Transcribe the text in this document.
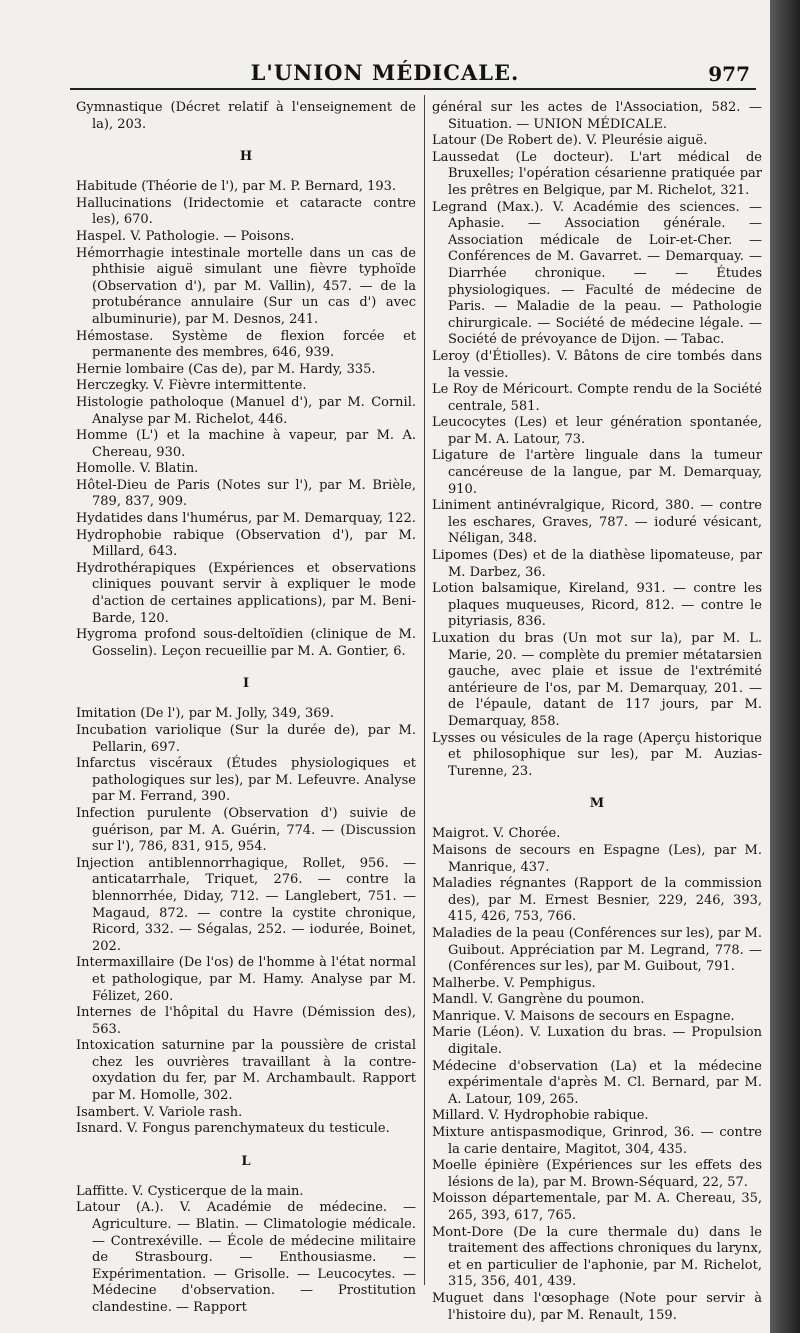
L'UNION MÉDICALE.	977

Gymnastique (Décret relatif à l'enseignement de la), 203.

H

Habitude (Théorie de l'), par M. P. Bernard, 193.

Hallucinations (Iridectomie et cataracte contre les), 670.

Haspel. V. Pathologie. — Poisons.

Hémorrhagie intestinale mortelle dans un cas de phthisie aiguë simulant une fièvre typhoïde (Observation d'), par M. Vallin), 457. — de la protubérance annulaire (Sur un cas d') avec albuminurie), par M. Desnos, 241.

Hémostase. Système de flexion forcée et permanente des membres, 646, 939.

Hernie lombaire (Cas de), par M. Hardy, 335.

Herczegky. V. Fièvre intermittente.

Histologie patholoque (Manuel d'), par M. Cornil. Analyse par M. Richelot, 446.

Homme (L') et la machine à vapeur, par M. A. Chereau, 930.

Homolle. V. Blatin.

Hôtel-Dieu de Paris (Notes sur l'), par M. Brièle, 789, 837, 909.

Hydatides dans l'humérus, par M. Demarquay, 122.

Hydrophobie rabique (Observation d'), par M. Millard, 643.

Hydrothérapiques (Expériences et observations cliniques pouvant servir à expliquer le mode d'action de certaines applications), par M. Beni-Barde, 120.

Hygroma profond sous-deltoïdien (clinique de M. Gosselin). Leçon recueillie par M. A. Gontier, 6.

I

Imitation (De l'), par M. Jolly, 349, 369.

Incubation variolique (Sur la durée de), par M. Pellarin, 697.

Infarctus viscéraux (Études physiologiques et pathologiques sur les), par M. Lefeuvre. Analyse par M. Ferrand, 390.

Infection purulente (Observation d') suivie de guérison, par M. A. Guérin, 774. — (Discussion sur l'), 786, 831, 915, 954.

Injection antiblennorrhagique, Rollet, 956. — anticatarrhale, Triquet, 276. — contre la blennorrhée, Diday, 712. — Langlebert, 751. — Magaud, 872. — contre la cystite chronique, Ricord, 332. — Ségalas, 252. — iodurée, Boinet, 202.

Intermaxillaire (De l'os) de l'homme à l'état normal et pathologique, par M. Hamy. Analyse par M. Félizet, 260.

Internes de l'hôpital du Havre (Démission des), 563.

Intoxication saturnine par la poussière de cristal chez les ouvrières travaillant à la contre-oxydation du fer, par M. Archambault. Rapport par M. Homolle, 302.

Isambert. V. Variole rash.

Isnard. V. Fongus parenchymateux du testicule.

L

Laffitte. V. Cysticerque de la main.

Latour (A.). V. Académie de médecine. — Agriculture. — Blatin. — Climatologie médicale. — Contrexéville. — École de médecine militaire de Strasbourg. — Enthousiasme. — Expérimentation. — Grisolle. — Leucocytes. — Médecine d'observation. — Prostitution clandestine. — Rapport

général sur les actes de l'Association, 582. — Situation. — UNION MÉDICALE.

Latour (De Robert de). V. Pleurésie aiguë.

Laussedat (Le docteur). L'art médical de Bruxelles; l'opération césarienne pratiquée par les prêtres en Belgique, par M. Richelot, 321.

Legrand (Max.). V. Académie des sciences. — Aphasie. — Association générale. — Association médicale de Loir-et-Cher. — Conférences de M. Gavarret. — Demarquay. — Diarrhée chronique. — — Études physiologiques. — Faculté de médecine de Paris. — Maladie de la peau. — Pathologie chirurgicale. — Société de médecine légale. — Société de prévoyance de Dijon. — Tabac.

Leroy (d'Étiolles). V. Bâtons de cire tombés dans la vessie.

Le Roy de Méricourt. Compte rendu de la Société centrale, 581.

Leucocytes (Les) et leur génération spontanée, par M. A. Latour, 73.

Ligature de l'artère linguale dans la tumeur cancéreuse de la langue, par M. Demarquay, 910.

Liniment antinévralgique, Ricord, 380. — contre les eschares, Graves, 787. — ioduré vésicant, Néligan, 348.

Lipomes (Des) et de la diathèse lipomateuse, par M. Darbez, 36.

Lotion balsamique, Kireland, 931. — contre les plaques muqueuses, Ricord, 812. — contre le pityriasis, 836.

Luxation du bras (Un mot sur la), par M. L. Marie, 20. — complète du premier métatarsien gauche, avec plaie et issue de l'extrémité antérieure de l'os, par M. Demarquay, 201. — de l'épaule, datant de 117 jours, par M. Demarquay, 858.

Lysses ou vésicules de la rage (Aperçu historique et philosophique sur les), par M. Auzias-Turenne, 23.

M

Maigrot. V. Chorée.

Maisons de secours en Espagne (Les), par M. Manrique, 437.

Maladies régnantes (Rapport de la commission des), par M. Ernest Besnier, 229, 246, 393, 415, 426, 753, 766.

Maladies de la peau (Conférences sur les), par M. Guibout. Appréciation par M. Legrand, 778. — (Conférences sur les), par M. Guibout, 791.

Malherbe. V. Pemphigus.

Mandl. V. Gangrène du poumon.

Manrique. V. Maisons de secours en Espagne.

Marie (Léon). V. Luxation du bras. — Propulsion digitale.

Médecine d'observation (La) et la médecine expérimentale d'après M. Cl. Bernard, par M. A. Latour, 109, 265.

Millard. V. Hydrophobie rabique.

Mixture antispasmodique, Grinrod, 36. — contre la carie dentaire, Magitot, 304, 435.

Moelle épinière (Expériences sur les effets des lésions de la), par M. Brown-Séquard, 22, 57.

Moisson départementale, par M. A. Chereau, 35, 265, 393, 617, 765.

Mont-Dore (De la cure thermale du) dans le traitement des affections chroniques du larynx, et en particulier de l'aphonie, par M. Richelot, 315, 356, 401, 439.

Muguet dans l'œsophage (Note pour servir à l'histoire du), par M. Renault, 159.
